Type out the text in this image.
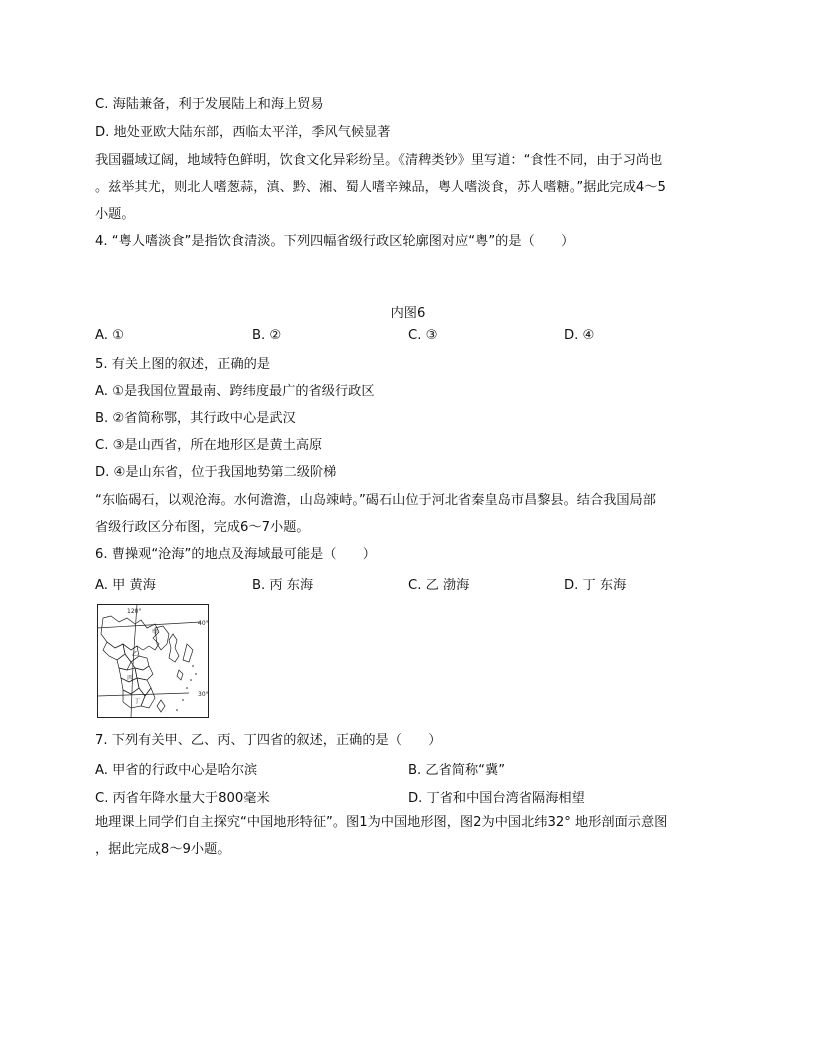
C. 海陆兼备，利于发展陆上和海上贸易
D. 地处亚欧大陆东部，西临太平洋，季风气候显著
我国疆域辽阔，地域特色鲜明，饮食文化异彩纷呈。《清稗类钞》里写道：“食性不同，由于习尚也
。兹举其尤，则北人嗜葱蒜，滇、黔、湘、蜀人嗜辛辣品，粤人嗜淡食，苏人嗜糖。”据此完成4～5
小题。
4. “粤人嗜淡食”是指饮食清淡。下列四幅省级行政区轮廓图对应“粤”的是（　　）
内图6
A. ①	B. ②	C. ③	D. ④
5. 有关上图的叙述，正确的是
A. ①是我国位置最南、跨纬度最广的省级行政区
B. ②省简称鄂，其行政中心是武汉
C. ③是山西省，所在地形区是黄土高原
D. ④是山东省，位于我国地势第二级阶梯
“东临碣石，以观沧海。水何澹澹，山岛竦峙。”碣石山位于河北省秦皇岛市昌黎县。结合我国局部
省级行政区分布图，完成6～7小题。
6. 曹操观“沧海”的地点及海域最可能是（　　）
A. 甲 黄海	B. 丙 东海	C. 乙 渤海	D. 丁 东海
120°
40°
30°
甲
乙
丙
丁
7. 下列有关甲、乙、丙、丁四省的叙述，正确的是（　　）
A. 甲省的行政中心是哈尔滨	B. 乙省简称“冀”
C. 丙省年降水量大于800毫米	D. 丁省和中国台湾省隔海相望
地理课上同学们自主探究“中国地形特征”。图1为中国地形图，图2为中国北纬32° 地形剖面示意图
，据此完成8～9小题。
